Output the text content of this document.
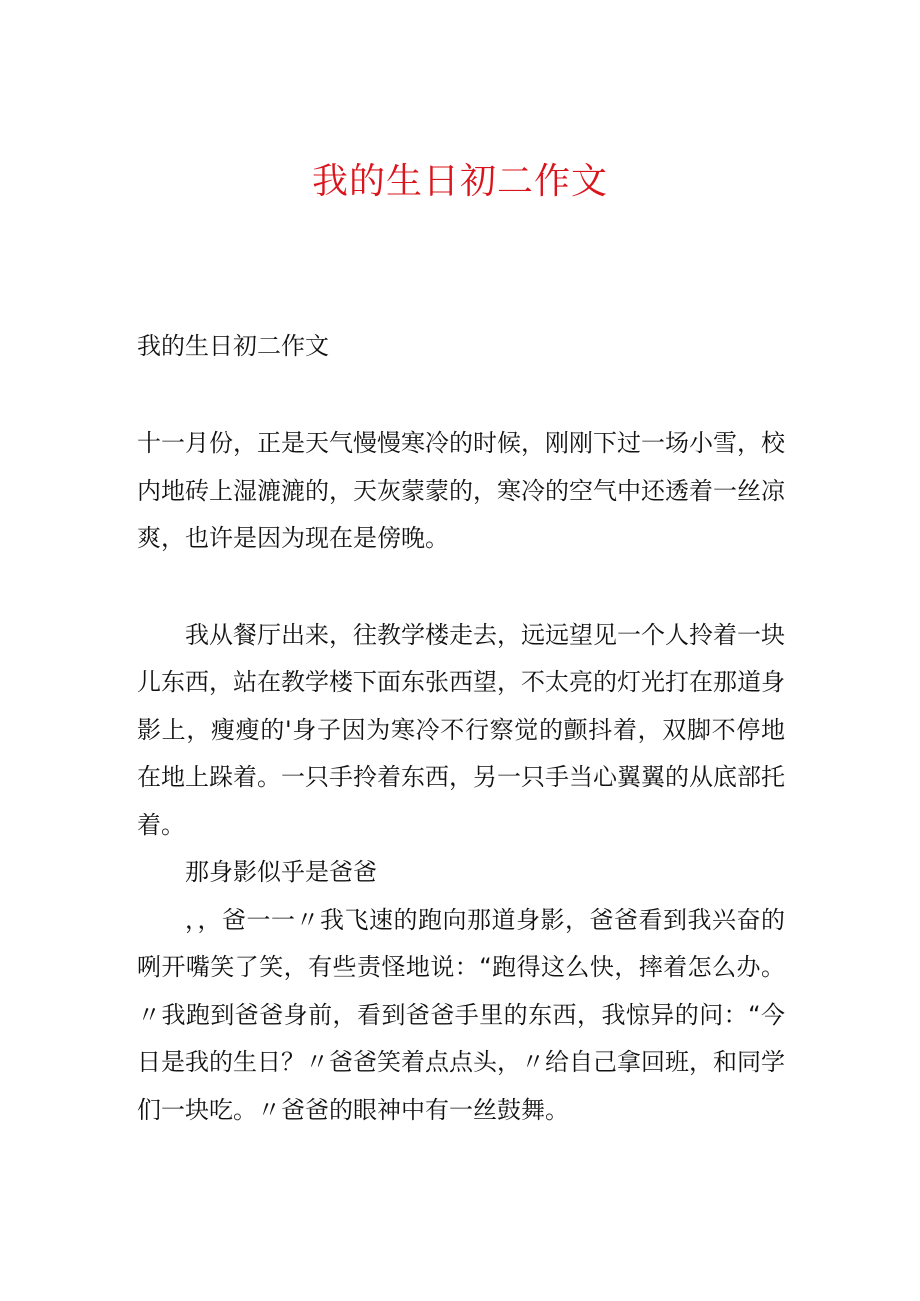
我的生日初二作文

我的生日初二作文

十一月份，正是天气慢慢寒冷的时候，刚刚下过一场小雪，校内地砖上湿漉漉的，天灰蒙蒙的，寒冷的空气中还透着一丝凉爽，也许是因为现在是傍晚。

我从餐厅出来，往教学楼走去，远远望见一个人拎着一块儿东西，站在教学楼下面东张西望，不太亮的灯光打在那道身影上，瘦瘦的'身子因为寒冷不行察觉的颤抖着，双脚不停地在地上跺着。一只手拎着东西，另一只手当心翼翼的从底部托着。

那身影似乎是爸爸

，，爸一一〃我飞速的跑向那道身影，爸爸看到我兴奋的咧开嘴笑了笑，有些责怪地说：“跑得这么快，摔着怎么办。〃我跑到爸爸身前，看到爸爸手里的东西，我惊异的问：“今日是我的生日？〃爸爸笑着点点头，〃给自己拿回班，和同学们一块吃。〃爸爸的眼神中有一丝鼓舞。
